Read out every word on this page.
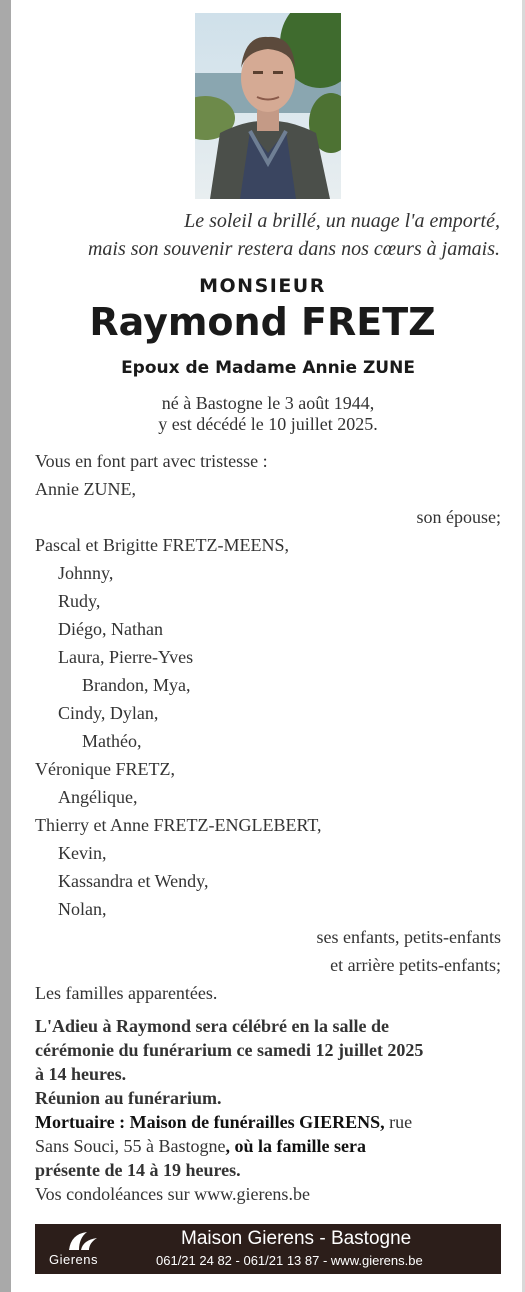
Le soleil a brillé, un nuage l'a emporté,
mais son souvenir restera dans nos cœurs à jamais.
MONSIEUR
Raymond FRETZ
Epoux de Madame Annie ZUNE
né à Bastogne le 3 août 1944,
y est décédé le 10 juillet 2025.
Vous en font part avec tristesse :
Annie ZUNE,
son épouse;
Pascal et Brigitte FRETZ-MEENS,
Johnny,
Rudy,
Diégo, Nathan
Laura, Pierre-Yves
Brandon, Mya,
Cindy, Dylan,
Mathéo,
Véronique FRETZ,
Angélique,
Thierry et Anne FRETZ-ENGLEBERT,
Kevin,
Kassandra et Wendy,
Nolan,
ses enfants, petits-enfants
et arrière petits-enfants;
Les familles apparentées.
L'Adieu à Raymond sera célébré en la salle de
cérémonie du funérarium ce samedi 12 juillet 2025
à 14 heures.
Réunion au funérarium.
Mortuaire : Maison de funérailles GIERENS, rue
Sans Souci, 55 à Bastogne, où la famille sera
présente de 14 à 19 heures.
Vos condoléances sur www.gierens.be
Gierens
Maison Gierens - Bastogne
061/21 24 82 - 061/21 13 87 - www.gierens.be
